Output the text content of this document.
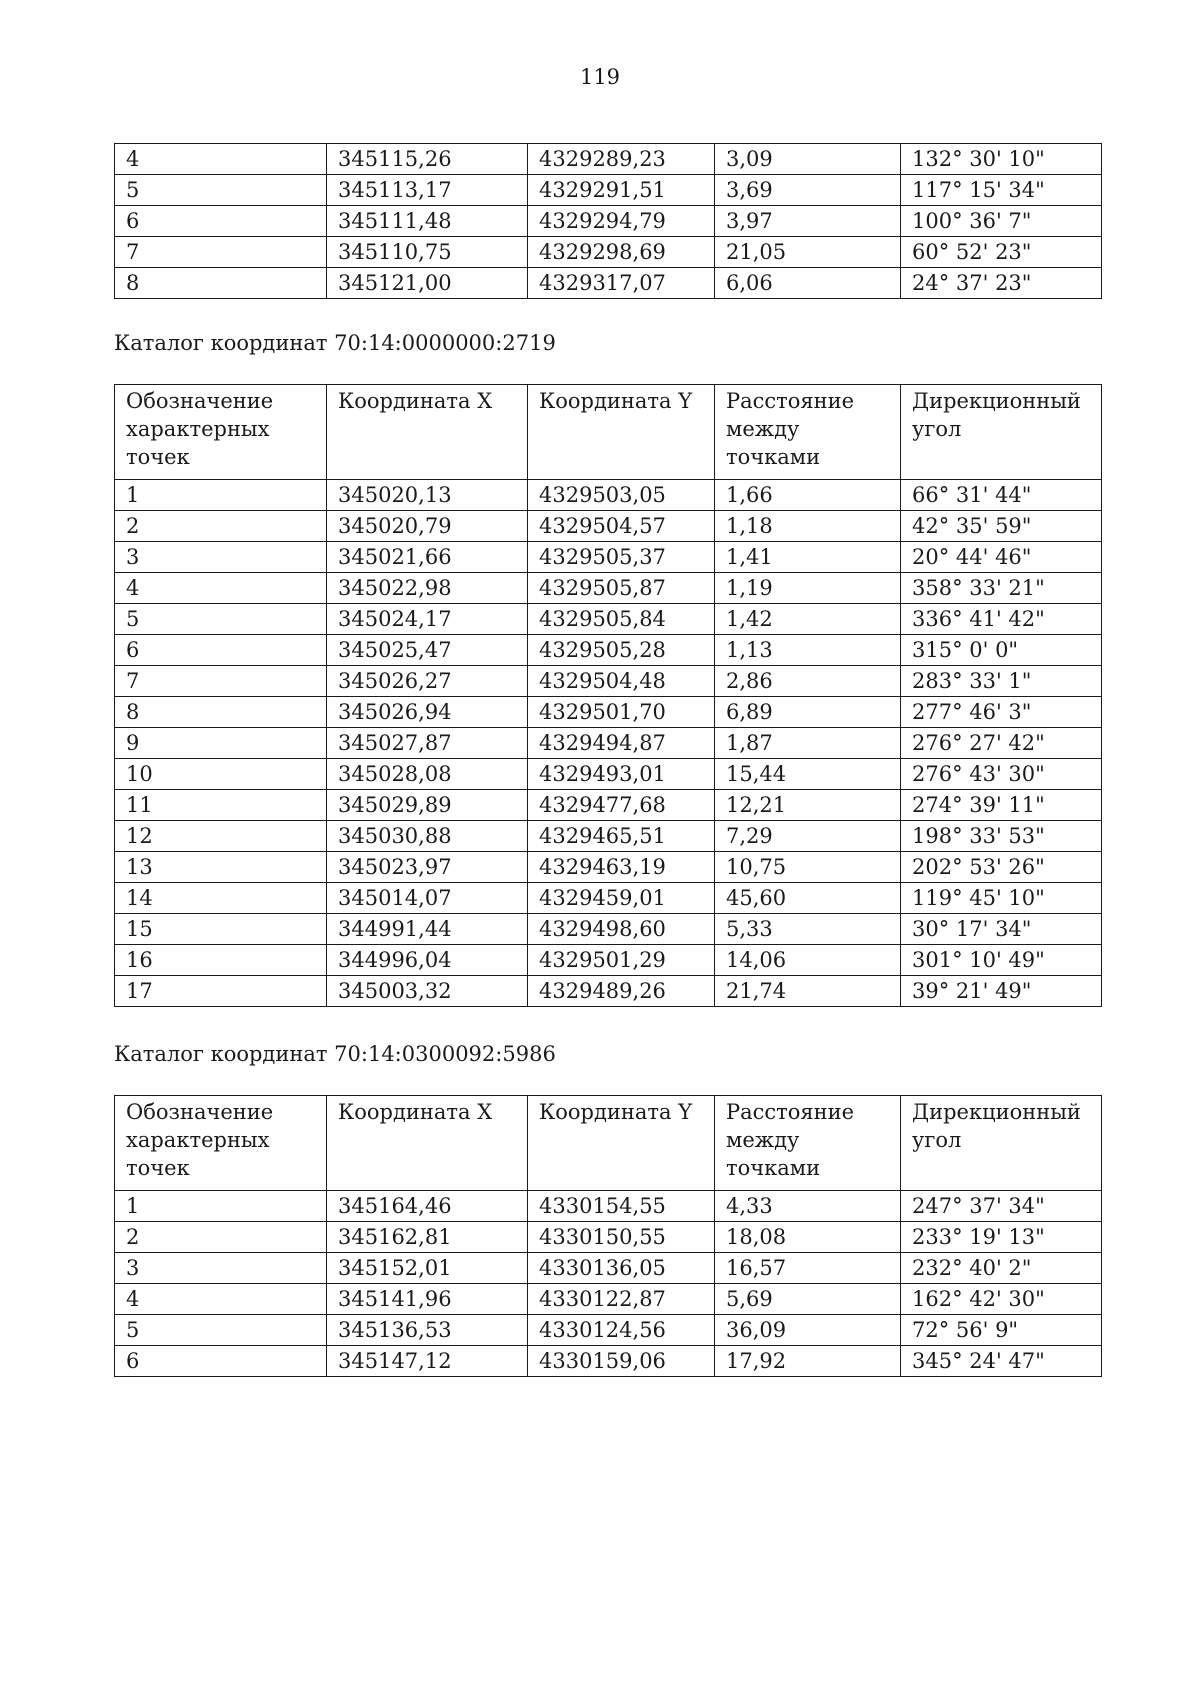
119
4	345115,26	4329289,23	3,09	132° 30' 10"
5	345113,17	4329291,51	3,69	117° 15' 34"
6	345111,48	4329294,79	3,97	100° 36' 7"
7	345110,75	4329298,69	21,05	60° 52' 23"
8	345121,00	4329317,07	6,06	24° 37' 23"
Каталог координат 70:14:0000000:2719
Обозначение характерных точек	Координата X	Координата Y	Расстояние между точками	Дирекционный угол
1	345020,13	4329503,05	1,66	66° 31' 44"
2	345020,79	4329504,57	1,18	42° 35' 59"
3	345021,66	4329505,37	1,41	20° 44' 46"
4	345022,98	4329505,87	1,19	358° 33' 21"
5	345024,17	4329505,84	1,42	336° 41' 42"
6	345025,47	4329505,28	1,13	315° 0' 0"
7	345026,27	4329504,48	2,86	283° 33' 1"
8	345026,94	4329501,70	6,89	277° 46' 3"
9	345027,87	4329494,87	1,87	276° 27' 42"
10	345028,08	4329493,01	15,44	276° 43' 30"
11	345029,89	4329477,68	12,21	274° 39' 11"
12	345030,88	4329465,51	7,29	198° 33' 53"
13	345023,97	4329463,19	10,75	202° 53' 26"
14	345014,07	4329459,01	45,60	119° 45' 10"
15	344991,44	4329498,60	5,33	30° 17' 34"
16	344996,04	4329501,29	14,06	301° 10' 49"
17	345003,32	4329489,26	21,74	39° 21' 49"
Каталог координат 70:14:0300092:5986
Обозначение характерных точек	Координата X	Координата Y	Расстояние между точками	Дирекционный угол
1	345164,46	4330154,55	4,33	247° 37' 34"
2	345162,81	4330150,55	18,08	233° 19' 13"
3	345152,01	4330136,05	16,57	232° 40' 2"
4	345141,96	4330122,87	5,69	162° 42' 30"
5	345136,53	4330124,56	36,09	72° 56' 9"
6	345147,12	4330159,06	17,92	345° 24' 47"
